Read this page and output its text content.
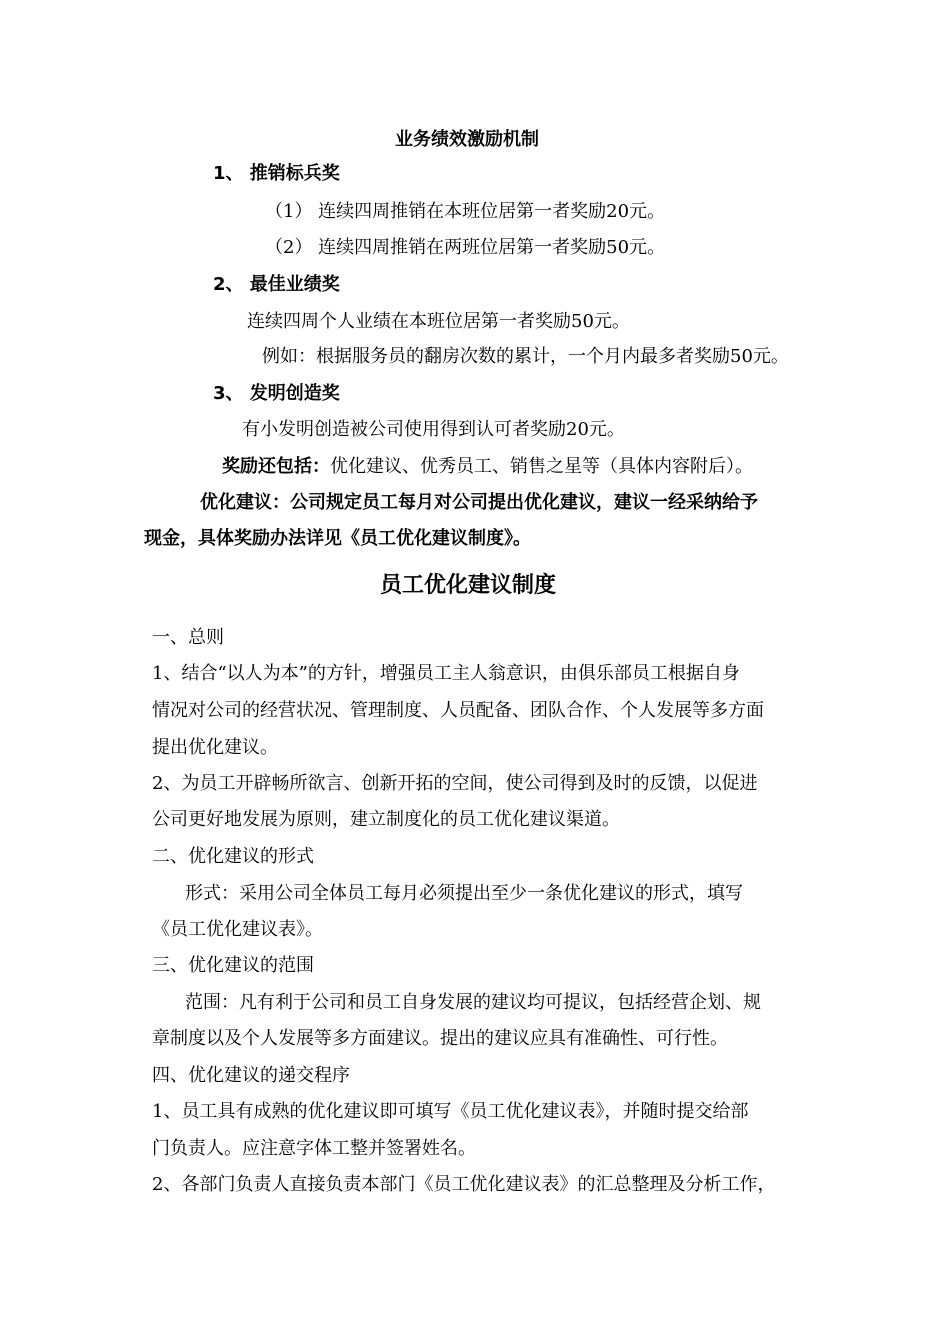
业务绩效激励机制
1、 推销标兵奖
（1） 连续四周推销在本班位居第一者奖励20元。
（2） 连续四周推销在两班位居第一者奖励50元。
2、 最佳业绩奖
连续四周个人业绩在本班位居第一者奖励50元。
例如：根据服务员的翻房次数的累计，一个月内最多者奖励50元。
3、 发明创造奖
有小发明创造被公司使用得到认可者奖励20元。
奖励还包括：优化建议、优秀员工、销售之星等（具体内容附后）。
优化建议：公司规定员工每月对公司提出优化建议，建议一经采纳给予
现金，具体奖励办法详见《员工优化建议制度》。
员工优化建议制度
一、总则
1、结合“以人为本”的方针，增强员工主人翁意识，由俱乐部员工根据自身
情况对公司的经营状况、管理制度、人员配备、团队合作、个人发展等多方面
提出优化建议。
2、为员工开辟畅所欲言、创新开拓的空间，使公司得到及时的反馈，以促进
公司更好地发展为原则，建立制度化的员工优化建议渠道。
二、优化建议的形式
形式：采用公司全体员工每月必须提出至少一条优化建议的形式，填写
《员工优化建议表》。
三、优化建议的范围
范围：凡有利于公司和员工自身发展的建议均可提议，包括经营企划、规
章制度以及个人发展等多方面建议。提出的建议应具有准确性、可行性。
四、优化建议的递交程序
1、员工具有成熟的优化建议即可填写《员工优化建议表》，并随时提交给部
门负责人。应注意字体工整并签署姓名。
2、各部门负责人直接负责本部门《员工优化建议表》的汇总整理及分析工作，
